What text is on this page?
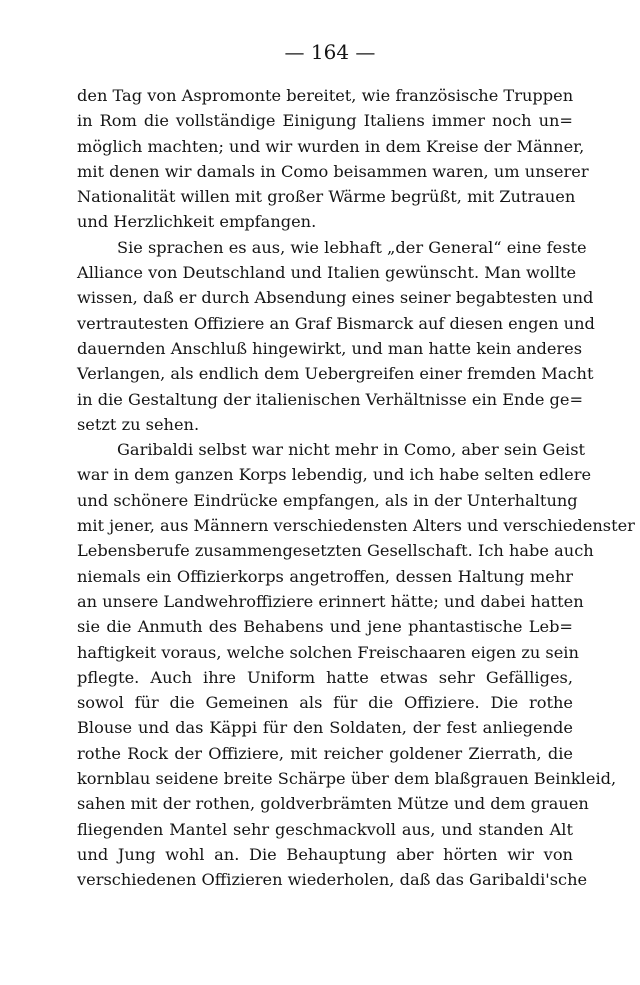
— 164 —
den Tag von Aspromonte bereitet, wie französische Truppen
in Rom die vollständige Einigung Italiens immer noch un=
möglich machten; und wir wurden in dem Kreise der Männer,
mit denen wir damals in Como beisammen waren, um unserer
Nationalität willen mit großer Wärme begrüßt, mit Zutrauen
und Herzlichkeit empfangen.
Sie sprachen es aus, wie lebhaft „der General“ eine feste
Alliance von Deutschland und Italien gewünscht. Man wollte
wissen, daß er durch Absendung eines seiner begabtesten und
vertrautesten Offiziere an Graf Bismarck auf diesen engen und
dauernden Anschluß hingewirkt, und man hatte kein anderes
Verlangen, als endlich dem Uebergreifen einer fremden Macht
in die Gestaltung der italienischen Verhältnisse ein Ende ge=
setzt zu sehen.
Garibaldi selbst war nicht mehr in Como, aber sein Geist
war in dem ganzen Korps lebendig, und ich habe selten edlere
und schönere Eindrücke empfangen, als in der Unterhaltung
mit jener, aus Männern verschiedensten Alters und verschiedenster
Lebensberufe zusammengesetzten Gesellschaft. Ich habe auch
niemals ein Offizierkorps angetroffen, dessen Haltung mehr
an unsere Landwehroffiziere erinnert hätte; und dabei hatten
sie die Anmuth des Behabens und jene phantastische Leb=
haftigkeit voraus, welche solchen Freischaaren eigen zu sein
pflegte. Auch ihre Uniform hatte etwas sehr Gefälliges,
sowol für die Gemeinen als für die Offiziere. Die rothe
Blouse und das Käppi für den Soldaten, der fest anliegende
rothe Rock der Offiziere, mit reicher goldener Zierrath, die
kornblau seidene breite Schärpe über dem blaßgrauen Beinkleid,
sahen mit der rothen, goldverbrämten Mütze und dem grauen
fliegenden Mantel sehr geschmackvoll aus, und standen Alt
und Jung wohl an. Die Behauptung aber hörten wir von
verschiedenen Offizieren wiederholen, daß das Garibaldi'sche
